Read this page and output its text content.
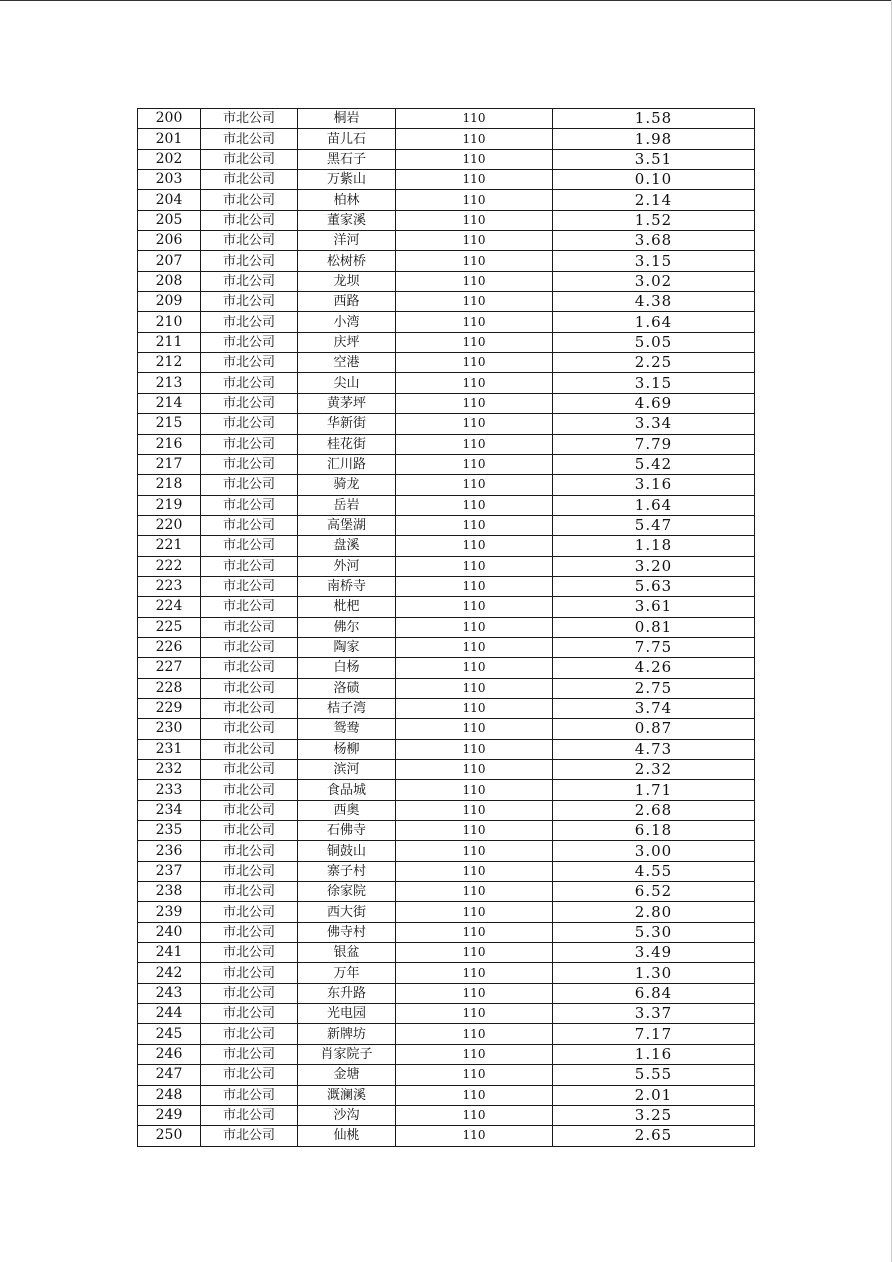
200	市北公司	桐岩	110	1.58
201	市北公司	苗儿石	110	1.98
202	市北公司	黑石子	110	3.51
203	市北公司	万紫山	110	0.10
204	市北公司	柏林	110	2.14
205	市北公司	董家溪	110	1.52
206	市北公司	洋河	110	3.68
207	市北公司	松树桥	110	3.15
208	市北公司	龙坝	110	3.02
209	市北公司	西路	110	4.38
210	市北公司	小湾	110	1.64
211	市北公司	庆坪	110	5.05
212	市北公司	空港	110	2.25
213	市北公司	尖山	110	3.15
214	市北公司	黄茅坪	110	4.69
215	市北公司	华新街	110	3.34
216	市北公司	桂花街	110	7.79
217	市北公司	汇川路	110	5.42
218	市北公司	骑龙	110	3.16
219	市北公司	岳岩	110	1.64
220	市北公司	高堡湖	110	5.47
221	市北公司	盘溪	110	1.18
222	市北公司	外河	110	3.20
223	市北公司	南桥寺	110	5.63
224	市北公司	枇杷	110	3.61
225	市北公司	佛尔	110	0.81
226	市北公司	陶家	110	7.75
227	市北公司	白杨	110	4.26
228	市北公司	洛碛	110	2.75
229	市北公司	桔子湾	110	3.74
230	市北公司	鸳鸯	110	0.87
231	市北公司	杨柳	110	4.73
232	市北公司	滨河	110	2.32
233	市北公司	食品城	110	1.71
234	市北公司	西奥	110	2.68
235	市北公司	石佛寺	110	6.18
236	市北公司	铜鼓山	110	3.00
237	市北公司	寨子村	110	4.55
238	市北公司	徐家院	110	6.52
239	市北公司	西大街	110	2.80
240	市北公司	佛寺村	110	5.30
241	市北公司	银盆	110	3.49
242	市北公司	万年	110	1.30
243	市北公司	东升路	110	6.84
244	市北公司	光电园	110	3.37
245	市北公司	新牌坊	110	7.17
246	市北公司	肖家院子	110	1.16
247	市北公司	金塘	110	5.55
248	市北公司	溉澜溪	110	2.01
249	市北公司	沙沟	110	3.25
250	市北公司	仙桃	110	2.65
